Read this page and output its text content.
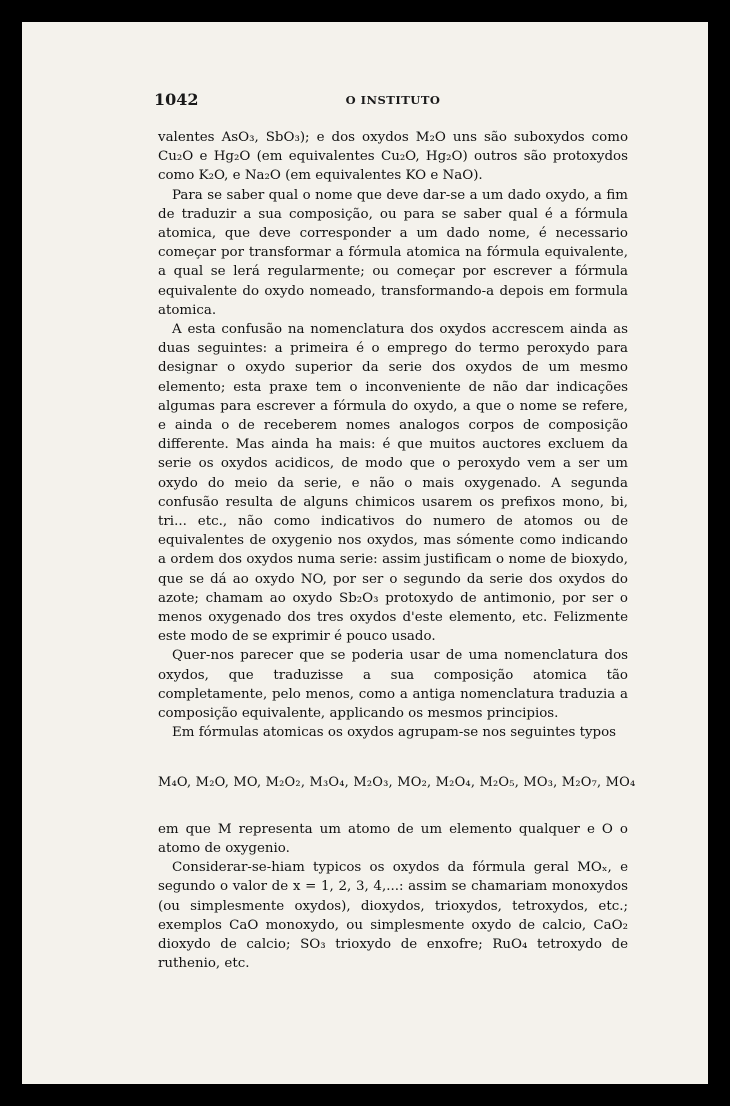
1042	O INSTITUTO

valentes AsO₃, SbO₃); e dos oxydos M₂O uns são suboxydos como Cu₂O e Hg₂O (em equivalentes Cu₂O, Hg₂O) outros são protoxydos como K₂O, e Na₂O (em equivalentes KO e NaO).

Para se saber qual o nome que deve dar-se a um dado oxydo, a fim de traduzir a sua composição, ou para se saber qual é a fórmula atomica, que deve corresponder a um dado nome, é necessario começar por transformar a fórmula atomica na fórmula equivalente, a qual se lerá regularmente; ou começar por escrever a fórmula equivalente do oxydo nomeado, transformando-a depois em formula atomica.

A esta confusão na nomenclatura dos oxydos accrescem ainda as duas seguintes: a primeira é o emprego do termo peroxydo para designar o oxydo superior da serie dos oxydos de um mesmo elemento; esta praxe tem o inconveniente de não dar indicações algumas para escrever a fórmula do oxydo, a que o nome se refere, e ainda o de receberem nomes analogos corpos de composição differente. Mas ainda ha mais: é que muitos auctores excluem da serie os oxydos acidicos, de modo que o peroxydo vem a ser um oxydo do meio da serie, e não o mais oxygenado. A segunda confusão resulta de alguns chimicos usarem os prefixos mono, bi, tri... etc., não como indicativos do numero de atomos ou de equivalentes de oxygenio nos oxydos, mas sómente como indicando a ordem dos oxydos numa serie: assim justificam o nome de bioxydo, que se dá ao oxydo NO, por ser o segundo da serie dos oxydos do azote; chamam ao oxydo Sb₂O₃ protoxydo de antimonio, por ser o menos oxygenado dos tres oxydos d'este elemento, etc. Felizmente este modo de se exprimir é pouco usado.

Quer-nos parecer que se poderia usar de uma nomenclatura dos oxydos, que traduzisse a sua composição atomica tão completamente, pelo menos, como a antiga nomenclatura traduzia a composição equivalente, applicando os mesmos principios.

Em fórmulas atomicas os oxydos agrupam-se nos seguintes typos

M₄O, M₂O, MO, M₂O₂, M₃O₄, M₂O₃, MO₂, M₂O₄, M₂O₅, MO₃, M₂O₇, MO₄

em que M representa um atomo de um elemento qualquer e O o atomo de oxygenio.

Considerar-se-hiam typicos os oxydos da fórmula geral MOₓ, e segundo o valor de x = 1, 2, 3, 4,...: assim se chamariam monoxydos (ou simplesmente oxydos), dioxydos, trioxydos, tetroxydos, etc.; exemplos CaO monoxydo, ou simplesmente oxydo de calcio, CaO₂ dioxydo de calcio; SO₃ trioxydo de enxofre; RuO₄ tetroxydo de ruthenio, etc.
